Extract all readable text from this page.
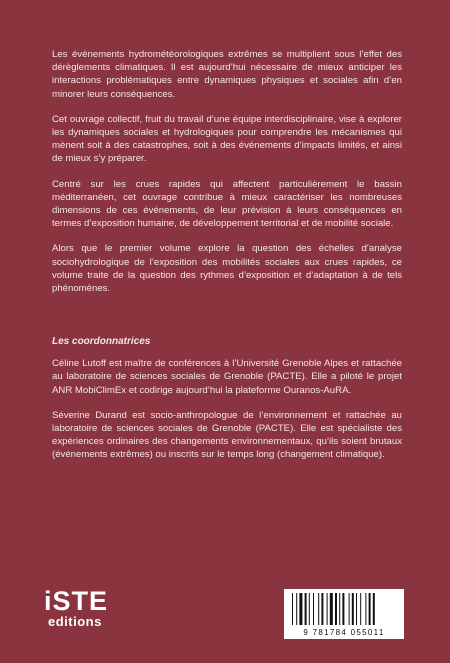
Les événements hydrométéorologiques extrêmes se multiplient sous l’effet des dérèglements climatiques. Il est aujourd’hui nécessaire de mieux anticiper les interactions problématiques entre dynamiques physiques et sociales afin d’en minorer leurs conséquences.

Cet ouvrage collectif, fruit du travail d’une équipe interdisciplinaire, vise à explorer les dynamiques sociales et hydrologiques pour comprendre les mécanismes qui mènent soit à des catastrophes, soit à des événements d’impacts limités, et ainsi de mieux s’y préparer.

Centré sur les crues rapides qui affectent particulièrement le bassin méditerranéen, cet ouvrage contribue à mieux caractériser les nombreuses dimensions de ces événements, de leur prévision à leurs conséquences en termes d’exposition humaine, de développement territorial et de mobilité sociale.

Alors que le premier volume explore la question des échelles d’analyse sociohydrologique de l’exposition des mobilités sociales aux crues rapides, ce volume traite de la question des rythmes d’exposition et d’adaptation à de tels phénomènes.

Les coordonnatrices

Céline Lutoff est maître de conférences à l’Université Grenoble Alpes et rattachée au laboratoire de sciences sociales de Grenoble (PACTE). Elle a piloté le projet ANR MobiClimEx et codirige aujourd’hui la plateforme Ouranos-AuRA.

Séverine Durand est socio-anthropologue de l’environnement et rattachée au laboratoire de sciences sociales de Grenoble (PACTE). Elle est spécialiste des expériences ordinaires des changements environnementaux, qu’ils soient brutaux (événements extrêmes) ou inscrits sur le temps long (changement climatique).

iSTE
editions
9 781784 055011
